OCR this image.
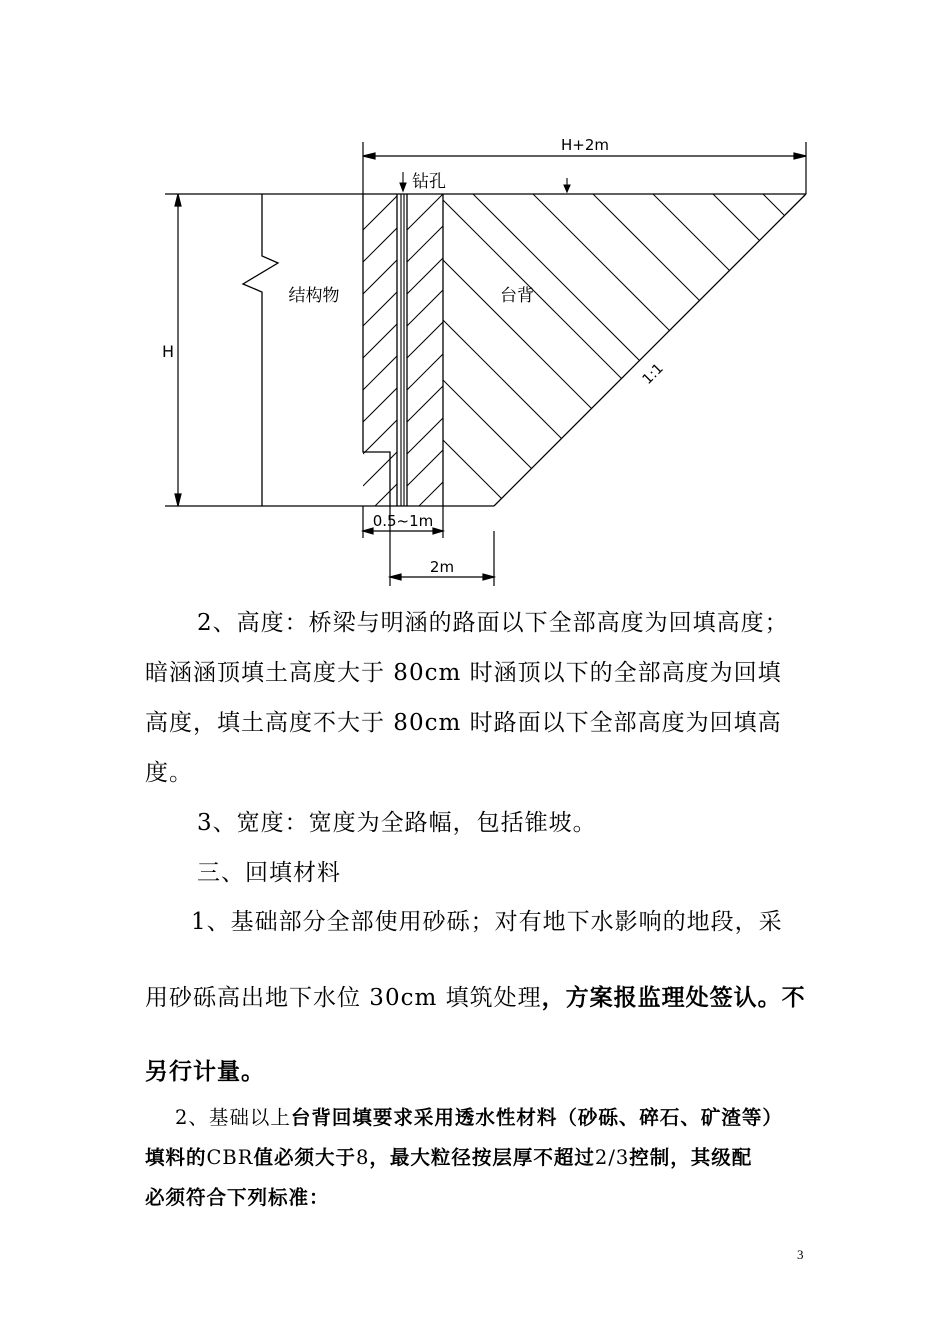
H+2m
H
结构物
钻孔
台背
1:1
0.5~1m
2m

2、高度：桥梁与明涵的路面以下全部高度为回填高度；

暗涵涵顶填土高度大于 80cm 时涵顶以下的全部高度为回填

高度，填土高度不大于 80cm 时路面以下全部高度为回填高

度。

3、宽度：宽度为全路幅，包括锥坡。

三、回填材料

1、基础部分全部使用砂砾；对有地下水影响的地段，采

用砂砾高出地下水位 30cm 填筑处理，方案报监理处签认。不

另行计量。

2、基础以上台背回填要求采用透水性材料（砂砾、碎石、矿渣等）

填料的CBR值必须大于8，最大粒径按层厚不超过2/3控制，其级配

必须符合下列标准：

3
